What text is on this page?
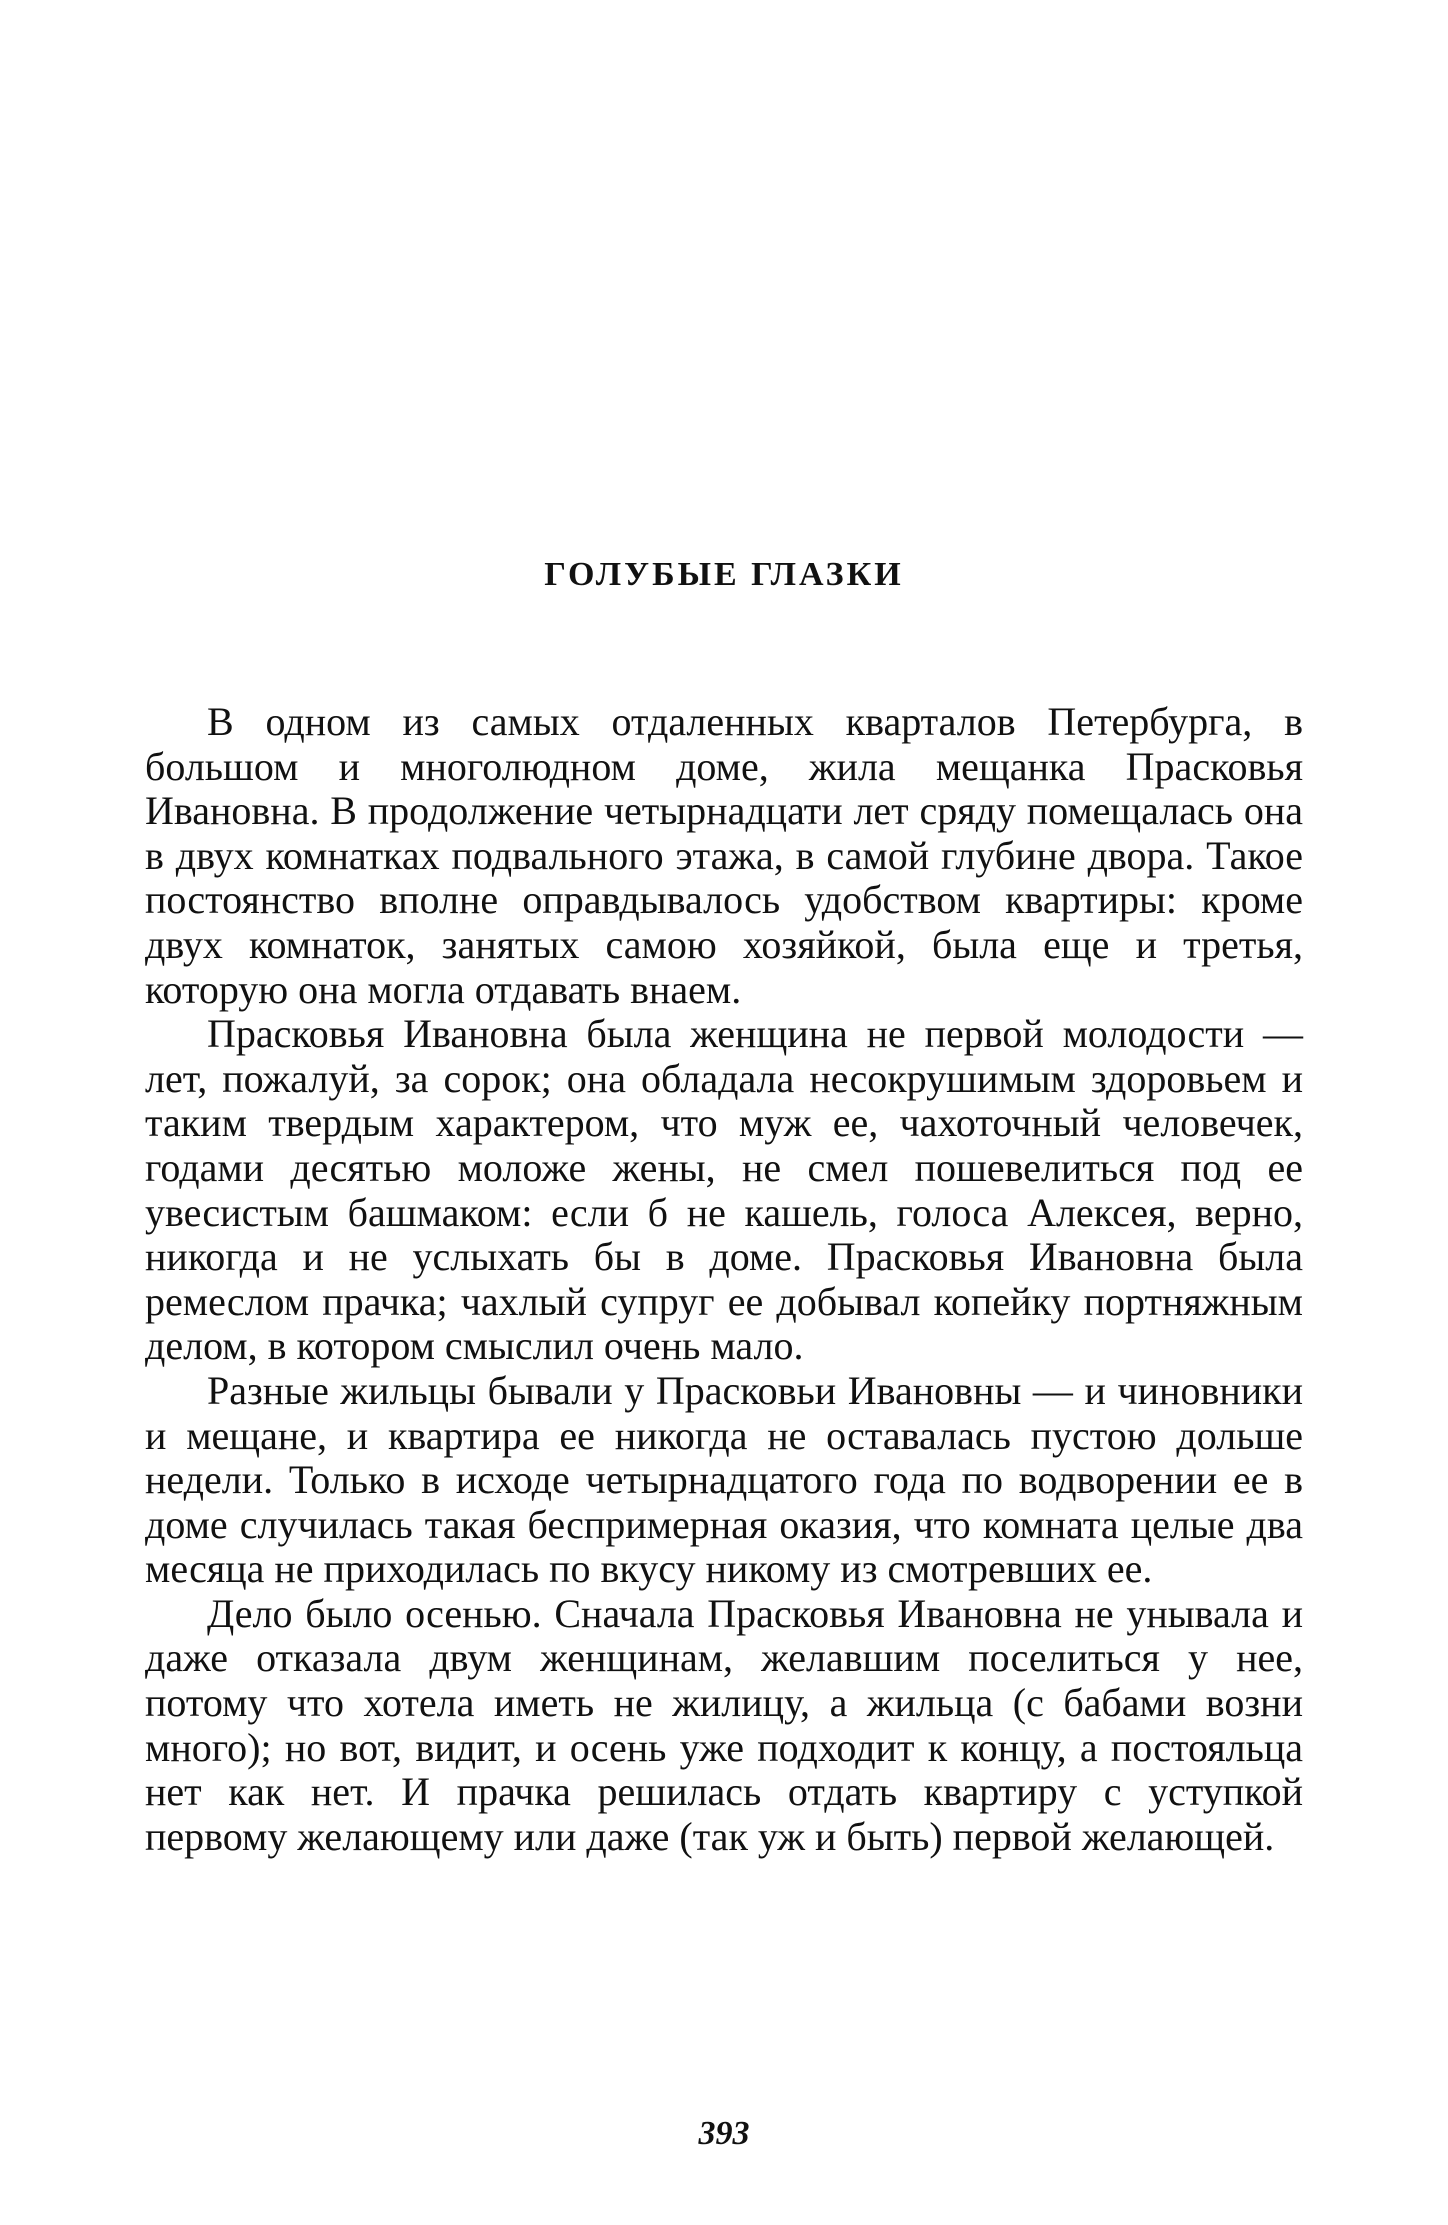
ГОЛУБЫЕ ГЛАЗКИ

В одном из самых отдаленных кварталов Петербурга, в большом и многолюдном доме, жила мещанка Прасковья Ивановна. В продолжение четырнадцати лет сряду помещалась она в двух комнатках подвального этажа, в самой глубине двора. Такое постоянство вполне оправдывалось удобством квартиры: кроме двух комнаток, занятых самою хозяйкой, была еще и третья, которую она могла отдавать внаем.

Прасковья Ивановна была женщина не первой молодости — лет, пожалуй, за сорок; она обладала несокрушимым здоровьем и таким твердым характером, что муж ее, чахоточный человечек, годами десятью моложе жены, не смел пошевелиться под ее увесистым башмаком: если б не кашель, голоса Алексея, верно, никогда и не услыхать бы в доме. Прасковья Ивановна была ремеслом прачка; чахлый супруг ее добывал копейку портняжным делом, в котором смыслил очень мало.

Разные жильцы бывали у Прасковьи Ивановны — и чиновники и мещане, и квартира ее никогда не оставалась пустою дольше недели. Только в исходе четырнадцатого года по водворении ее в доме случилась такая беспримерная оказия, что комната целые два месяца не приходилась по вкусу никому из смотревших ее.

Дело было осенью. Сначала Прасковья Ивановна не унывала и даже отказала двум женщинам, желавшим поселиться у нее, потому что хотела иметь не жилицу, а жильца (с бабами возни много); но вот, видит, и осень уже подходит к концу, а постояльца нет как нет. И прачка решилась отдать квартиру с уступкой первому желающему или даже (так уж и быть) первой желающей.

393
